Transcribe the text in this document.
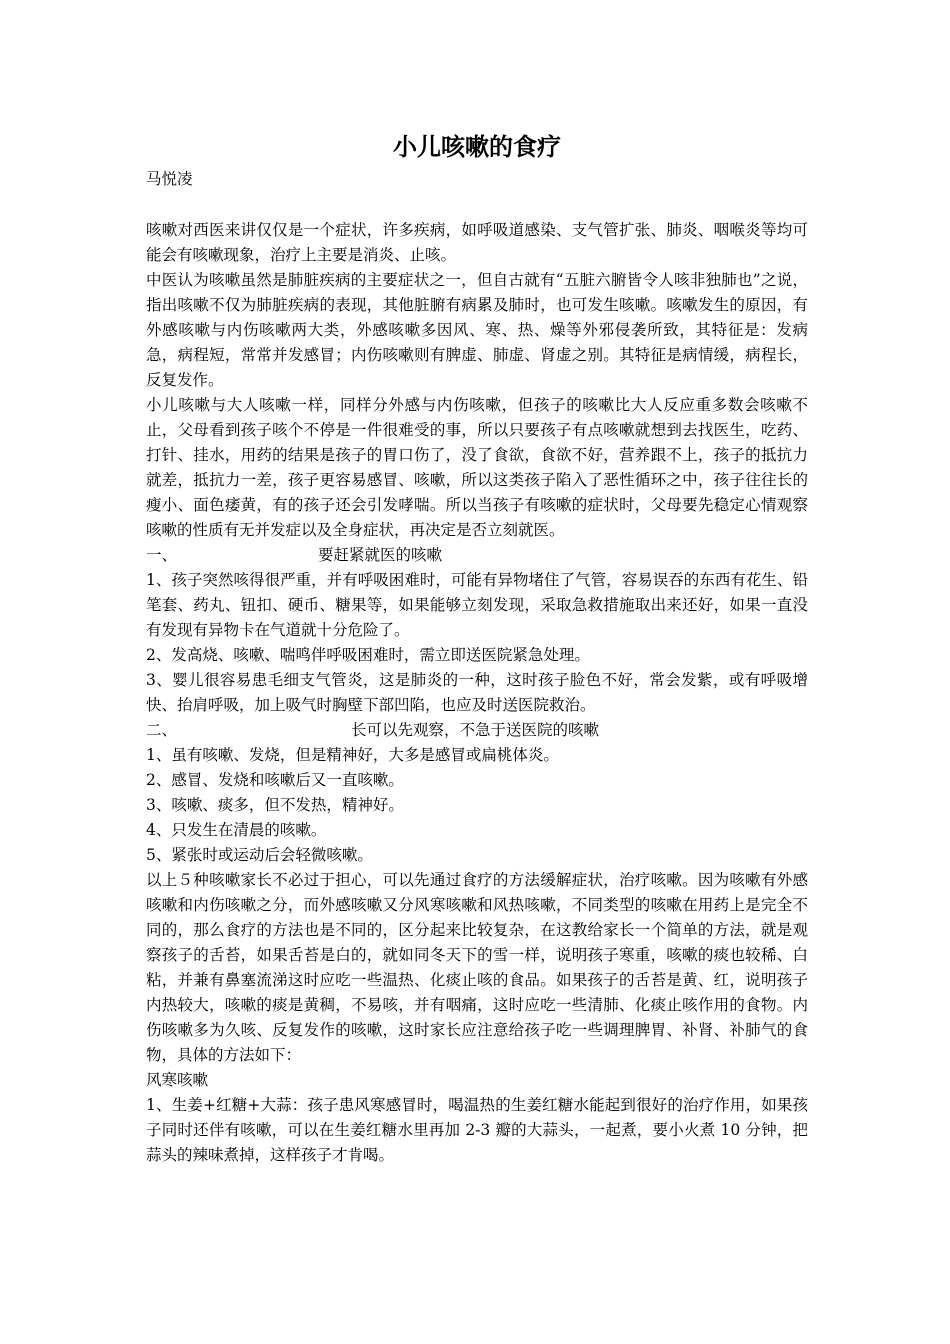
小儿咳嗽的食疗
马悦凌

咳嗽对西医来讲仅仅是一个症状，许多疾病，如呼吸道感染、支气管扩张、肺炎、咽喉炎等均可能会有咳嗽现象，治疗上主要是消炎、止咳。

中医认为咳嗽虽然是肺脏疾病的主要症状之一，但自古就有“五脏六腑皆令人咳非独肺也”之说，指出咳嗽不仅为肺脏疾病的表现，其他脏腑有病累及肺时，也可发生咳嗽。咳嗽发生的原因，有外感咳嗽与内伤咳嗽两大类，外感咳嗽多因风、寒、热、燥等外邪侵袭所致，其特征是：发病急，病程短，常常并发感冒；内伤咳嗽则有脾虚、肺虚、肾虚之别。其特征是病情缓，病程长，反复发作。

小儿咳嗽与大人咳嗽一样，同样分外感与内伤咳嗽，但孩子的咳嗽比大人反应重多数会咳嗽不止，父母看到孩子咳个不停是一件很难受的事，所以只要孩子有点咳嗽就想到去找医生，吃药、打针、挂水，用药的结果是孩子的胃口伤了，没了食欲，食欲不好，营养跟不上，孩子的抵抗力就差，抵抗力一差，孩子更容易感冒、咳嗽，所以这类孩子陷入了恶性循环之中，孩子往往长的瘦小、面色痿黄，有的孩子还会引发哮喘。所以当孩子有咳嗽的症状时，父母要先稳定心情观察咳嗽的性质有无并发症以及全身症状，再决定是否立刻就医。

一、	要赶紧就医的咳嗽

1、孩子突然咳得很严重，并有呼吸困难时，可能有异物堵住了气管，容易误吞的东西有花生、铅笔套、药丸、钮扣、硬币、糖果等，如果能够立刻发现，采取急救措施取出来还好，如果一直没有发现有异物卡在气道就十分危险了。

2、发高烧、咳嗽、喘鸣伴呼吸困难时，需立即送医院紧急处理。

3、婴儿很容易患毛细支气管炎，这是肺炎的一种，这时孩子脸色不好，常会发紫，或有呼吸增快、抬肩呼吸，加上吸气时胸壁下部凹陷，也应及时送医院救治。

二、	长可以先观察，不急于送医院的咳嗽

1、虽有咳嗽、发烧，但是精神好，大多是感冒或扁桃体炎。

2、感冒、发烧和咳嗽后又一直咳嗽。

3、咳嗽、痰多，但不发热，精神好。

4、只发生在清晨的咳嗽。

5、紧张时或运动后会轻微咳嗽。

以上５种咳嗽家长不必过于担心，可以先通过食疗的方法缓解症状，治疗咳嗽。因为咳嗽有外感咳嗽和内伤咳嗽之分，而外感咳嗽又分风寒咳嗽和风热咳嗽，不同类型的咳嗽在用药上是完全不同的，那么食疗的方法也是不同的，区分起来比较复杂，在这教给家长一个简单的方法，就是观察孩子的舌苔，如果舌苔是白的，就如同冬天下的雪一样，说明孩子寒重，咳嗽的痰也较稀、白粘，并兼有鼻塞流涕这时应吃一些温热、化痰止咳的食品。如果孩子的舌苔是黄、红，说明孩子内热较大，咳嗽的痰是黄稠，不易咳，并有咽痛，这时应吃一些清肺、化痰止咳作用的食物。内伤咳嗽多为久咳、反复发作的咳嗽，这时家长应注意给孩子吃一些调理脾胃、补肾、补肺气的食物，具体的方法如下：

风寒咳嗽

1、生姜+红糖+大蒜：孩子患风寒感冒时，喝温热的生姜红糖水能起到很好的治疗作用，如果孩子同时还伴有咳嗽，可以在生姜红糖水里再加 2-3 瓣的大蒜头，一起煮，要小火煮 10 分钟，把蒜头的辣味煮掉，这样孩子才肯喝。
